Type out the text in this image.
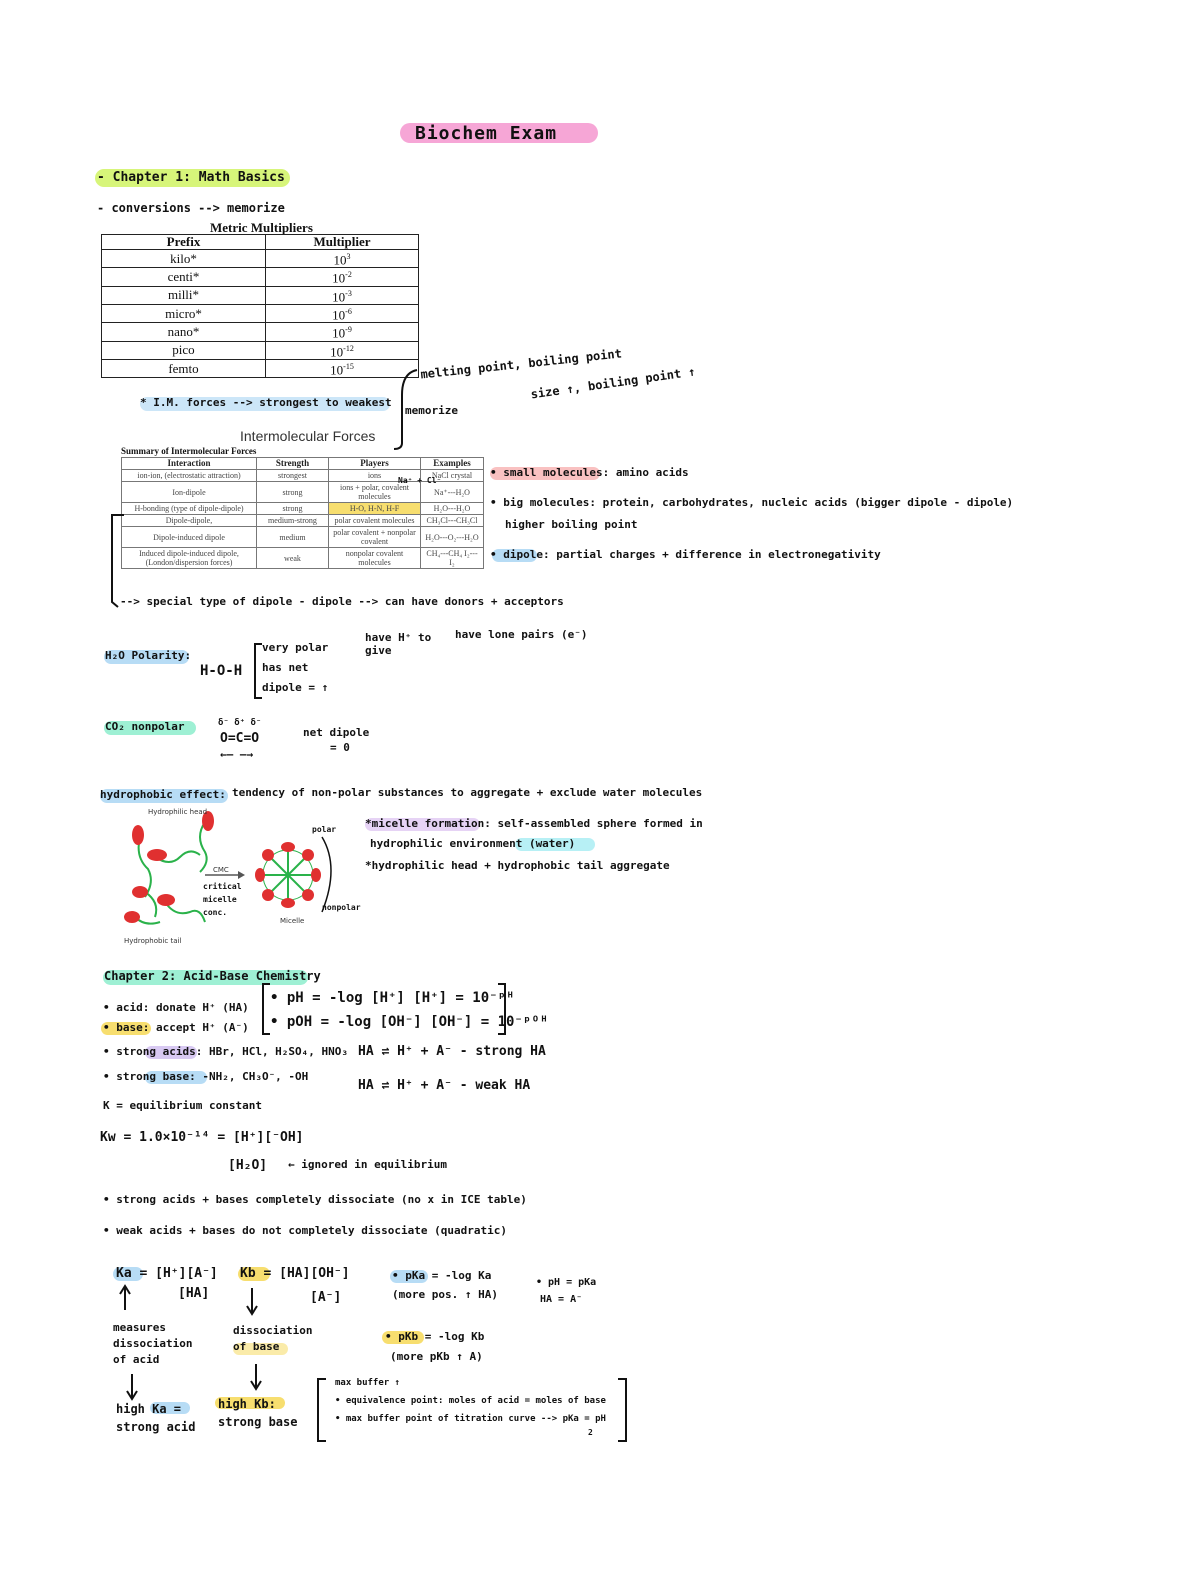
Biochem Exam
- Chapter 1: Math Basics
- conversions --> memorize
Metric Multipliers
Prefix	Multiplier
kilo*	$10^3$
centi*	$10^{-2}$
milli*	$10^{-3}$
micro*	$10^{-6}$
nano*	$10^{-9}$
pico	$10^{-12}$
femto	$10^{-15}$
* I.M. forces --> strongest to weakest
melting point, boiling point
size ↑, boiling point ↑
memorize
Intermolecular Forces
Summary of Intermolecular Forces
Interaction	Strength	Players	Examples
ion-ion, (electrostatic attraction)	strongest	ions	NaCl crystal
Ion-dipole	strong	ions + polar, covalent molecules	Na⁺---H₂O
H-bonding (type of dipole-dipole)	strong	H-O, H-N, H-F	H₂O---H₂O
Dipole-dipole,	medium-strong	polar covalent molecules	CH₃Cl---CH₃Cl
Dipole-induced dipole	medium	polar covalent + nonpolar covalent	H₂O---O₂---H₂O
Induced dipole-induced dipole, (London/dispersion forces)	weak	nonpolar covalent molecules	CH₄---CH₄ I₂---I₂
Na⁺ + Cl⁻
• small molecules: amino acids
• big molecules: protein, carbohydrates, nucleic acids (bigger dipole - dipole)
higher boiling point
• dipole: partial charges + difference in electronegativity
--> special type of dipole - dipole --> can have donors + acceptors
have H⁺ to give
have lone pairs (e⁻)
H₂O Polarity:
H-O-H
very polar
has net
dipole = ↑
CO₂ nonpolar	δ⁻ δ⁺ δ⁻
O=C=O
←— —→
net dipole
= 0
hydrophobic effect: tendency of non-polar substances to aggregate + exclude water molecules
Hydrophilic head
Hydrophobic tail
CMC
critical micelle conc.
Micelle
polar
nonpolar
*micelle formation: self-assembled sphere formed in
hydrophilic environment (water)
*hydrophilic head + hydrophobic tail aggregate
Chapter 2: Acid-Base Chemistry
• acid: donate H⁺ (HA)
• base: accept H⁺ (A⁻)
• pH = -log [H⁺] [H⁺] = 10⁻ᵖᴴ
• pOH = -log [OH⁻] [OH⁻] = 10⁻ᵖᴼᴴ
• strong acids: HBr, HCl, H₂SO₄, HNO₃
• strong base: -NH₂, CH₃O⁻, -OH
HA ⇌ H⁺ + A⁻ - strong HA
HA ⇌ H⁺ + A⁻ - weak HA
K = equilibrium constant
Kw = 1.0×10⁻¹⁴ = [H⁺][⁻OH]
[H₂O] ← ignored in equilibrium
• strong acids + bases completely dissociate (no x in ICE table)
• weak acids + bases do not completely dissociate (quadratic)
Ka = [H⁺][A⁻]
[HA]
Kb = [HA][OH⁻]
[A⁻]
• pKa = -log Ka
(more pos. ↑ HA)
• pH = pKa
HA = A⁻
• pKb = -log Kb
(more pKb ↑ A)
measures dissociation of acid
dissociation of base
high Ka = strong acid
high Kb: strong base
max buffer ↑
• equivalence point: moles of acid = moles of base
• max buffer point of titration curve --> pKa = pH
2
